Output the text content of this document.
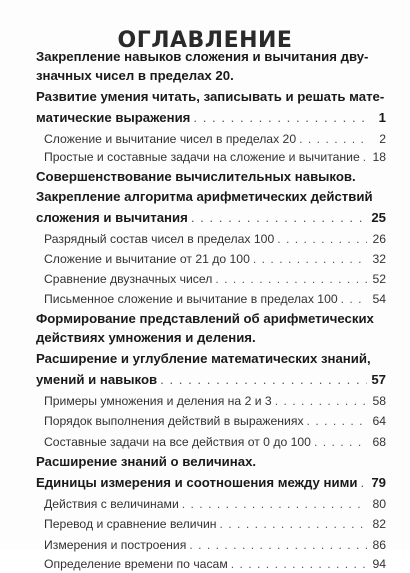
ОГЛАВЛЕНИЕ
Закрепление навыков сложения и вычитания дву-
значных чисел в пределах 20.
Развитие умения читать, записывать и решать мате-
матические выражения . . .	1
Сложение и вычитание чисел в пределах 20 . . .	2
Простые и составные задачи на сложение и вычитание . . . 18
Совершенствование вычислительных навыков.
Закрепление алгоритма арифметических действий
сложения и вычитания . . .	25
Разрядный состав чисел в пределах 100 . . .	26
Сложение и вычитание от 21 до 100 . . .	32
Сравнение двузначных чисел . . .	52
Письменное сложение и вычитание в пределах 100 . . .	54
Формирование представлений об арифметических
действиях умножения и деления.
Расширение и углубление математических знаний,
умений и навыков . . .	57
Примеры умножения и деления на 2 и 3 . . .	58
Порядок выполнения действий в выражениях . . .	64
Составные задачи на все действия от 0 до 100 . . .	68
Расширение знаний о величинах.
Единицы измерения и соотношения между ними . . . 79
Действия с величинами . . .	80
Перевод и сравнение величин . . .	82
Измерения и построения . . .	86
Определение времени по часам . . .	94
